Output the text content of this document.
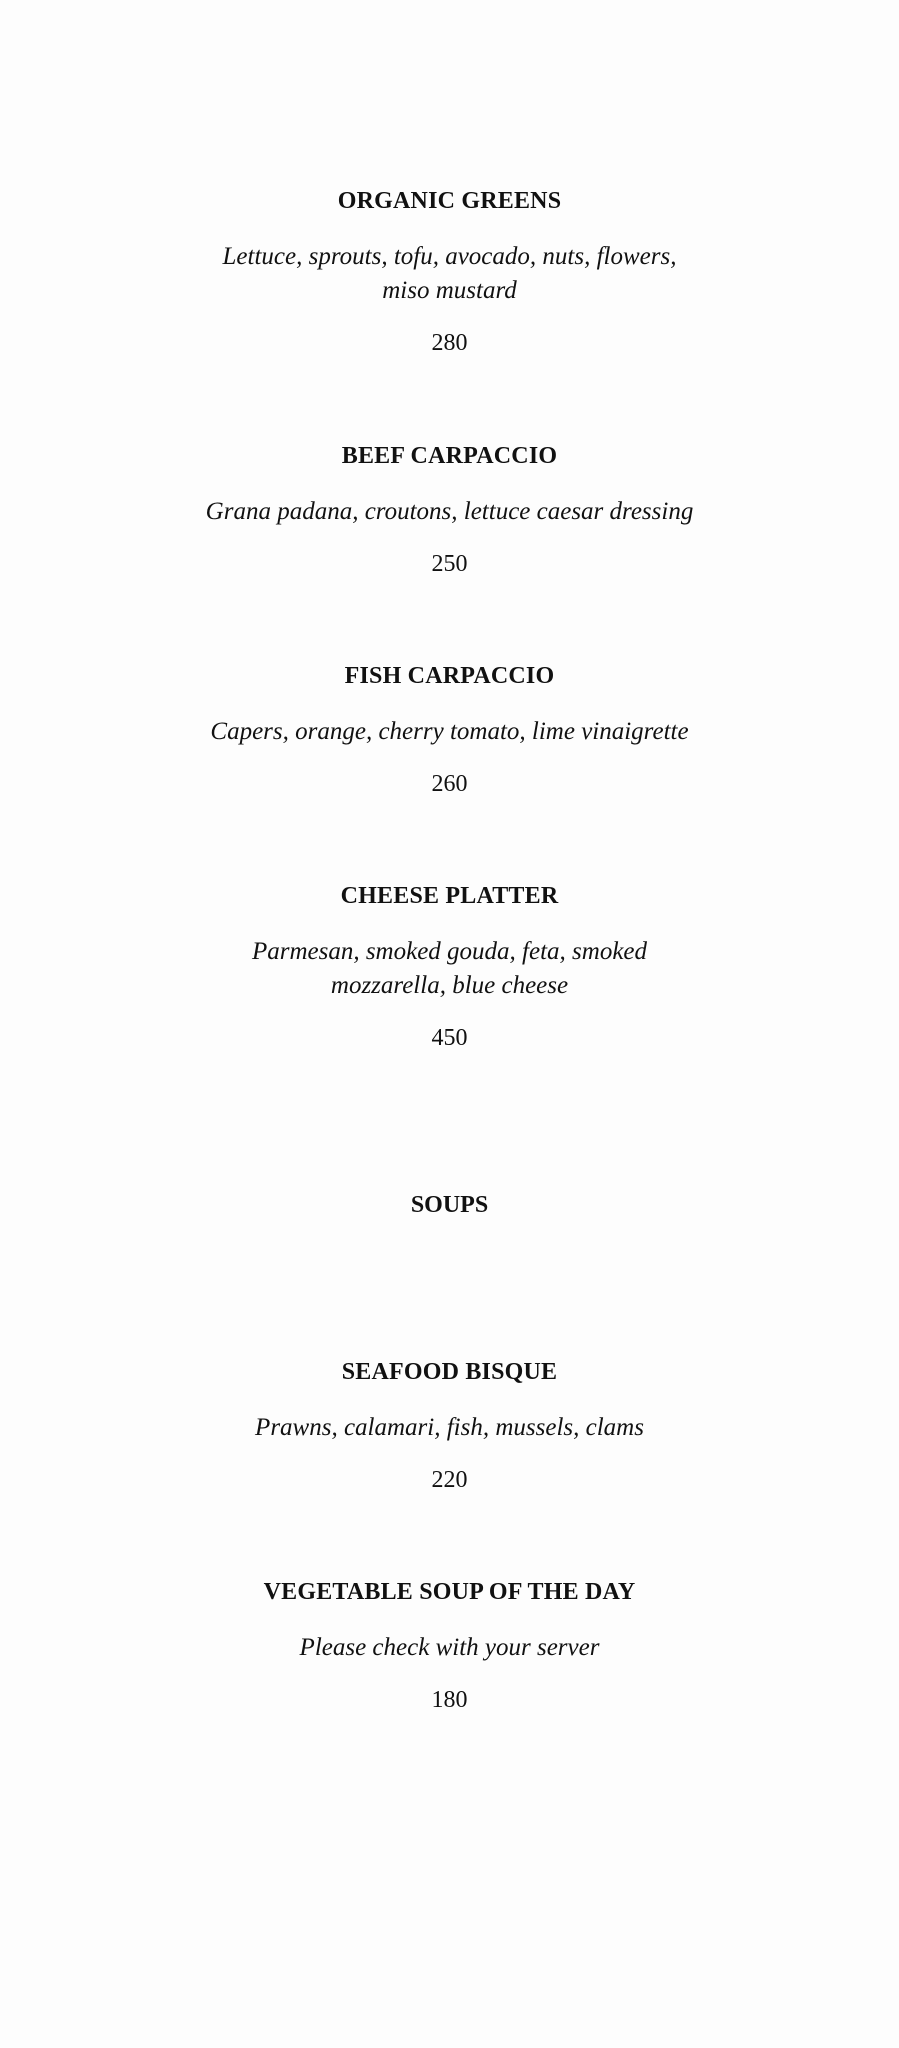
ORGANIC GREENS

Lettuce, sprouts, tofu, avocado, nuts, flowers, miso mustard

280

BEEF CARPACCIO

Grana padana, croutons, lettuce caesar dressing

250

FISH CARPACCIO

Capers, orange, cherry tomato, lime vinaigrette

260

CHEESE PLATTER

Parmesan, smoked gouda, feta, smoked mozzarella, blue cheese

450

SOUPS
SEAFOOD BISQUE

Prawns, calamari, fish, mussels, clams

220

VEGETABLE SOUP OF THE DAY

Please check with your server

180
